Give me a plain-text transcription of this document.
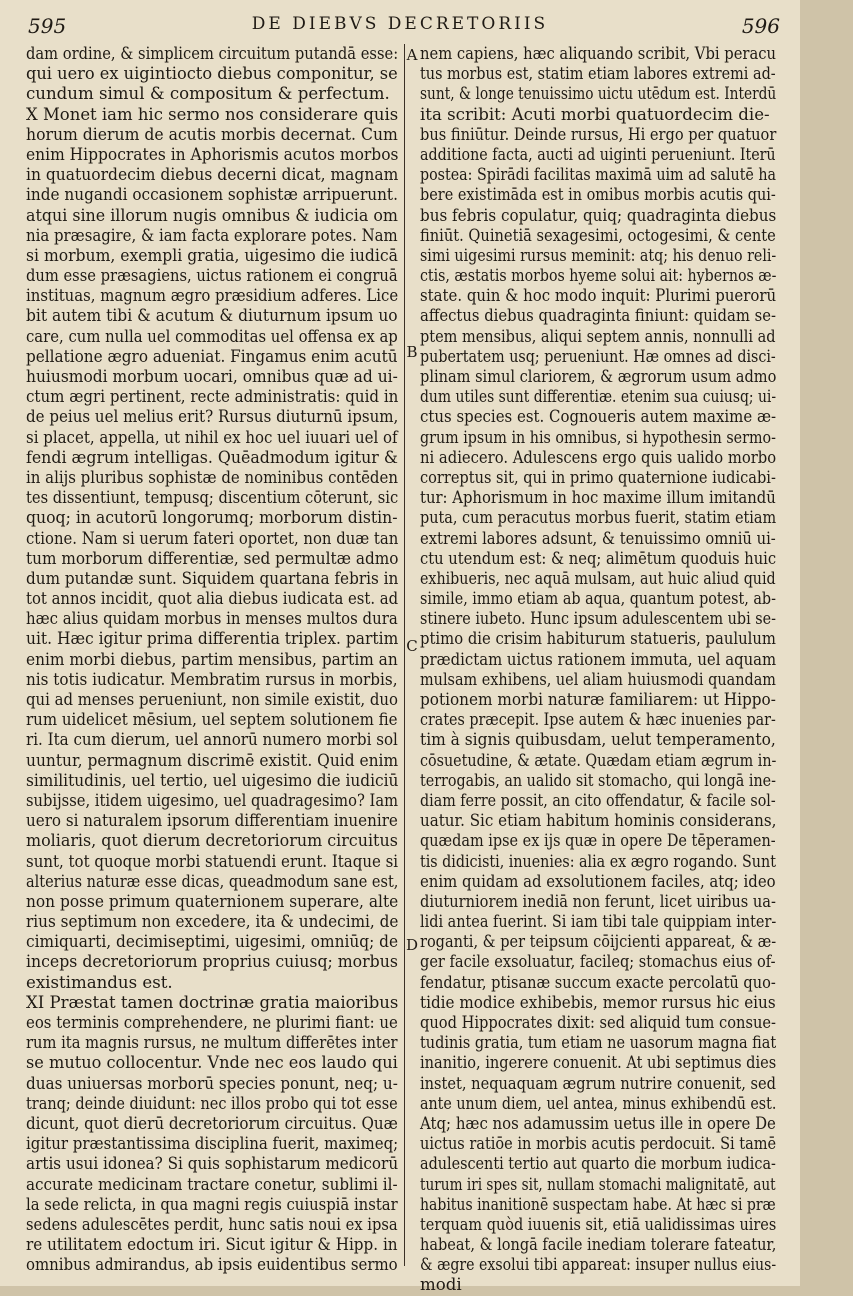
595	DE DIEBVS DECRETORIIS	596
dam ordine, & simplicem circuitum putandā esse:
qui uero ex uigintiocto diebus componitur, se
cundum simul & compositum & perfectum.
X Monet iam hic sermo nos considerare quis
horum dierum de acutis morbis decernat. Cum
enim Hippocrates in Aphorismis acutos morbos
in quatuordecim diebus decerni dicat, magnam
inde nugandi occasionem sophistæ arripuerunt.
atqui sine illorum nugis omnibus & iudicia om
nia præsagire, & iam facta explorare potes. Nam
si morbum, exempli gratia, uigesimo die iudicā
dum esse præsagiens, uictus rationem ei congruā
instituas, magnum ægro præsidium adferes. Lice
bit autem tibi & acutum & diuturnum ipsum uo
care, cum nulla uel commoditas uel offensa ex ap
pellatione ægro adueniat. Fingamus enim acutū
huiusmodi morbum uocari, omnibus quæ ad ui-
ctum ægri pertinent, recte administratis: quid in
de peius uel melius erit? Rursus diuturnū ipsum,
si placet, appella, ut nihil ex hoc uel iuuari uel of
fendi ægrum intelligas. Quēadmodum igitur &
in alijs pluribus sophistæ de nominibus contēden
tes dissentiunt, tempusq; discentium cōterunt, sic
quoq; in acutorū longorumq; morborum distin-
ctione. Nam si uerum fateri oportet, non duæ tan
tum morborum differentiæ, sed permultæ admo
dum putandæ sunt. Siquidem quartana febris in
tot annos incidit, quot alia diebus iudicata est. ad
hæc alius quidam morbus in menses multos dura
uit. Hæc igitur prima differentia triplex. partim
enim morbi diebus, partim mensibus, partim an
nis totis iudicatur. Membratim rursus in morbis,
qui ad menses perueniunt, non simile existit, duo
rum uidelicet mēsium, uel septem solutionem fie
ri. Ita cum dierum, uel annorū numero morbi sol
uuntur, permagnum discrimē existit. Quid enim
similitudinis, uel tertio, uel uigesimo die iudiciū
subijsse, itidem uigesimo, uel quadragesimo? Iam
uero si naturalem ipsorum differentiam inuenire
moliaris, quot dierum decretoriorum circuitus
sunt, tot quoque morbi statuendi erunt. Itaque si
alterius naturæ esse dicas, queadmodum sane est,
non posse primum quaternionem superare, alte
rius septimum non excedere, ita & undecimi, de
cimiquarti, decimiseptimi, uigesimi, omniūq; de
inceps decretoriorum proprius cuiusq; morbus
existimandus est.
XI Præstat tamen doctrinæ gratia maioribus
eos terminis comprehendere, ne plurimi fiant: ue
rum ita magnis rursus, ne multum differētes inter
se mutuo collocentur. Vnde nec eos laudo qui
duas uniuersas morborū species ponunt, neq; u-
tranq; deinde diuidunt: nec illos probo qui tot esse
dicunt, quot dierū decretoriorum circuitus. Quæ
igitur præstantissima disciplina fuerit, maximeq;
artis usui idonea? Si quis sophistarum medicorū
accurate medicinam tractare conetur, sublimi il-
la sede relicta, in qua magni regis cuiuspiā instar
sedens adulescētes perdit, hunc satis noui ex ipsa
re utilitatem edoctum iri. Sicut igitur & Hipp. in
omnibus admirandus, ab ipsis euidentibus sermo
nem capiens, hæc aliquando scribit, Vbi peracu
tus morbus est, statim etiam labores extremi ad-
sunt, & longe tenuissimo uictu utēdum est. Interdū
ita scribit: Acuti morbi quatuordecim die-
bus finiūtur. Deinde rursus, Hi ergo per quatuor
additione facta, aucti ad uiginti perueniunt. Iterū
postea: Spirādi facilitas maximā uim ad salutē ha
bere existimāda est in omibus morbis acutis qui-
bus febris copulatur, quiq; quadraginta diebus
finiūt. Quinetiā sexagesimi, octogesimi, & cente
simi uigesimi rursus meminit: atq; his denuo reli-
ctis, æstatis morbos hyeme solui ait: hybernos æ-
state. quin & hoc modo inquit: Plurimi puerorū
affectus diebus quadraginta finiunt: quidam se-
ptem mensibus, aliqui septem annis, nonnulli ad
pubertatem usq; perueniunt. Hæ omnes ad disci-
plinam simul clariorem, & ægrorum usum admo
dum utiles sunt differentiæ. etenim sua cuiusq; ui-
ctus species est. Cognoueris autem maxime æ-
grum ipsum in his omnibus, si hypothesin sermo-
ni adiecero. Adulescens ergo quis ualido morbo
correptus sit, qui in primo quaternione iudicabi-
tur: Aphorismum in hoc maxime illum imitandū
puta, cum peracutus morbus fuerit, statim etiam
extremi labores adsunt, & tenuissimo omniū ui-
ctu utendum est: & neq; alimētum quoduis huic
exhibueris, nec aquā mulsam, aut huic aliud quid
simile, immo etiam ab aqua, quantum potest, ab-
stinere iubeto. Hunc ipsum adulescentem ubi se-
ptimo die crisim habiturum statueris, paululum
prædictam uictus rationem immuta, uel aquam
mulsam exhibens, uel aliam huiusmodi quandam
potionem morbi naturæ familiarem: ut Hippo-
crates præcepit. Ipse autem & hæc inuenies par-
tim à signis quibusdam, uelut temperamento,
cōsuetudine, & ætate. Quædam etiam ægrum in-
terrogabis, an ualido sit stomacho, qui longā ine-
diam ferre possit, an cito offendatur, & facile sol-
uatur. Sic etiam habitum hominis considerans,
quædam ipse ex ijs quæ in opere De tēperamen-
tis didicisti, inuenies: alia ex ægro rogando. Sunt
enim quidam ad exsolutionem faciles, atq; ideo
diuturniorem inediā non ferunt, licet uiribus ua-
lidi antea fuerint. Si iam tibi tale quippiam inter-
roganti, & per teipsum cōijcienti appareat, & æ-
ger facile exsoluatur, facileq; stomachus eius of-
fendatur, ptisanæ succum exacte percolatū quo-
tidie modice exhibebis, memor rursus hic eius
quod Hippocrates dixit: sed aliquid tum consue-
tudinis gratia, tum etiam ne uasorum magna fiat
inanitio, ingerere conuenit. At ubi septimus dies
instet, nequaquam ægrum nutrire conuenit, sed
ante unum diem, uel antea, minus exhibendū est.
Atq; hæc nos adamussim uetus ille in opere De
uictus ratiōe in morbis acutis perdocuit. Si tamē
adulescenti tertio aut quarto die morbum iudica-
turum iri spes sit, nullam stomachi malignitatē, aut
habitus inanitionē suspectam habe. At hæc si præ
terquam quòd iuuenis sit, etiā ualidissimas uires
habeat, & longā facile inediam tolerare fateatur,
& ægre exsolui tibi appareat: insuper nullus eius-
modi
A
B
C
D
